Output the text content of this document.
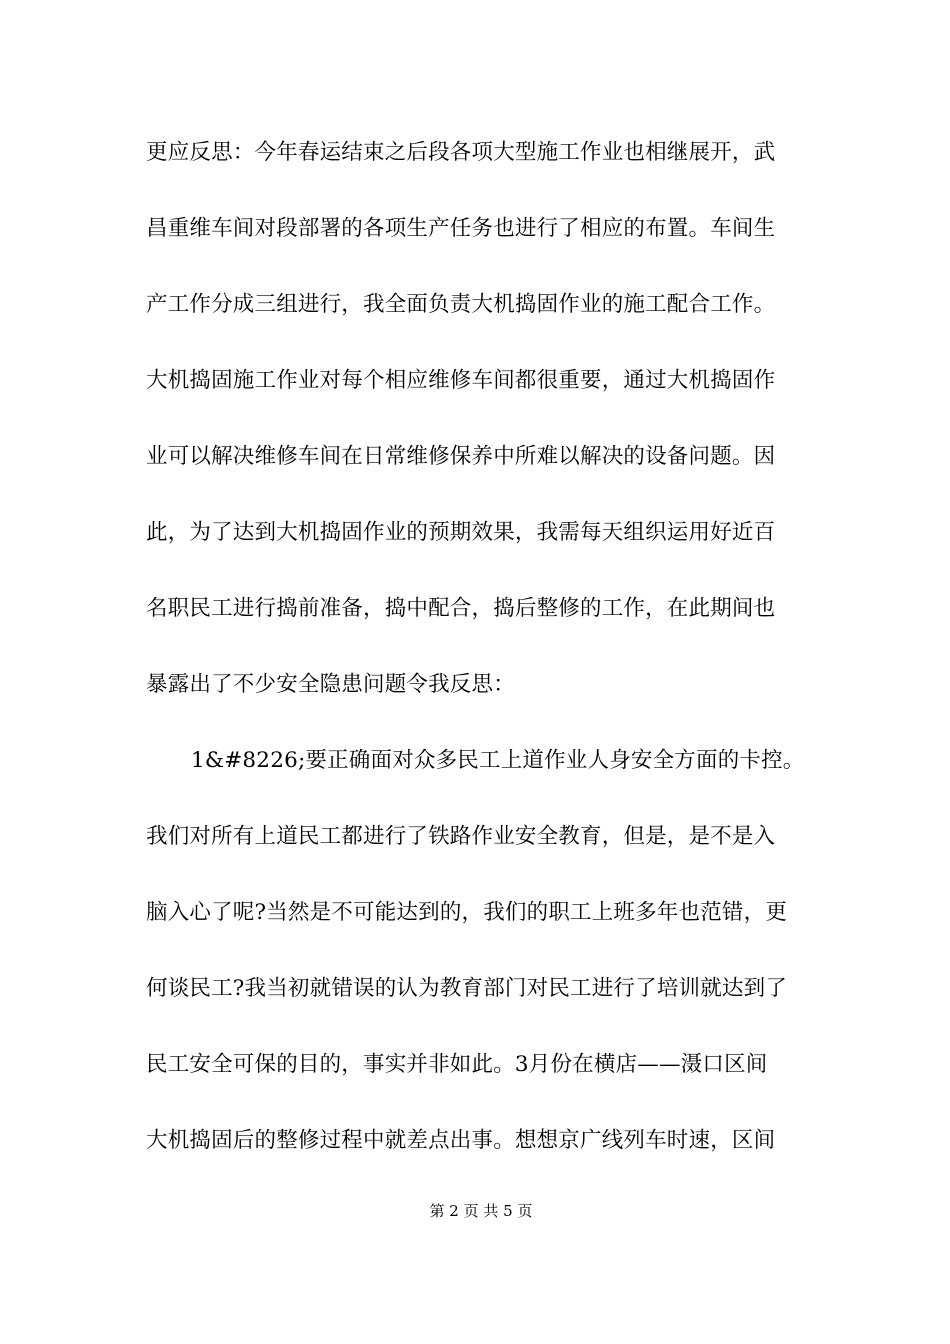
更应反思：今年春运结束之后段各项大型施工作业也相继展开，武
昌重维车间对段部署的各项生产任务也进行了相应的布置。车间生
产工作分成三组进行，我全面负责大机捣固作业的施工配合工作。
大机捣固施工作业对每个相应维修车间都很重要，通过大机捣固作
业可以解决维修车间在日常维修保养中所难以解决的设备问题。因
此，为了达到大机捣固作业的预期效果，我需每天组织运用好近百
名职民工进行捣前准备，捣中配合，捣后整修的工作，在此期间也
暴露出了不少安全隐患问题令我反思：
1&#8226;要正确面对众多民工上道作业人身安全方面的卡控。
我们对所有上道民工都进行了铁路作业安全教育，但是，是不是入
脑入心了呢?当然是不可能达到的，我们的职工上班多年也范错，更
何谈民工?我当初就错误的认为教育部门对民工进行了培训就达到了
民工安全可保的目的，事实并非如此。3月份在横店——滠口区间
大机捣固后的整修过程中就差点出事。想想京广线列车时速，区间
第 2 页 共 5 页
